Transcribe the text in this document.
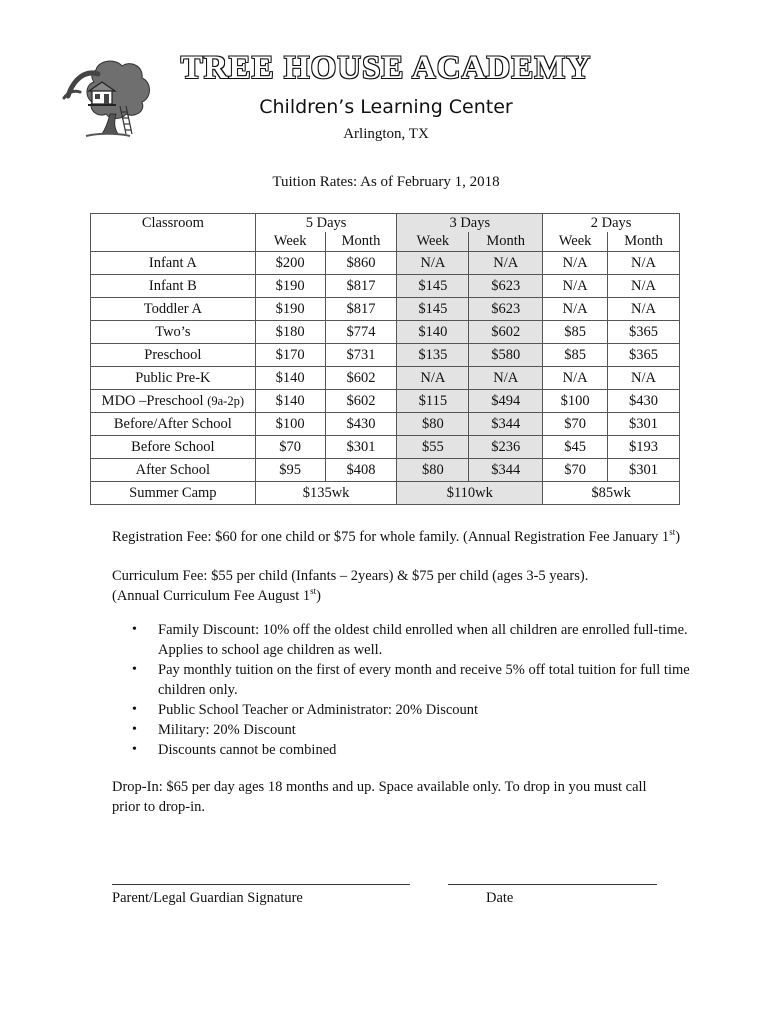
TREE HOUSE ACADEMY
Children’s Learning Center
Arlington, TX
Tuition Rates: As of February 1, 2018
Classroom	5 Days		3 Days		2 Days	
	Week	Month	Week	Month	Week	Month
Infant A	$200	$860	N/A	N/A	N/A	N/A
Infant B	$190	$817	$145	$623	N/A	N/A
Toddler A	$190	$817	$145	$623	N/A	N/A
Two’s	$180	$774	$140	$602	$85	$365
Preschool	$170	$731	$135	$580	$85	$365
Public Pre-K	$140	$602	N/A	N/A	N/A	N/A
MDO –Preschool (9a-2p)	$140	$602	$115	$494	$100	$430
Before/After School	$100	$430	$80	$344	$70	$301
Before School	$70	$301	$55	$236	$45	$193
After School	$95	$408	$80	$344	$70	$301
Summer Camp	$135wk		$110wk		$85wk	
Registration Fee: $60 for one child or $75 for whole family. (Annual Registration Fee January 1st)
Curriculum Fee: $55 per child (Infants – 2years) & $75 per child (ages 3-5 years).
(Annual Curriculum Fee August 1st)
• Family Discount: 10% off the oldest child enrolled when all children are enrolled full-time. Applies to school age children as well.
• Pay monthly tuition on the first of every month and receive 5% off total tuition for full time children only.
• Public School Teacher or Administrator: 20% Discount
• Military: 20% Discount
• Discounts cannot be combined
Drop-In: $65 per day ages 18 months and up. Space available only. To drop in you must call prior to drop-in.
Parent/Legal Guardian Signature	Date
